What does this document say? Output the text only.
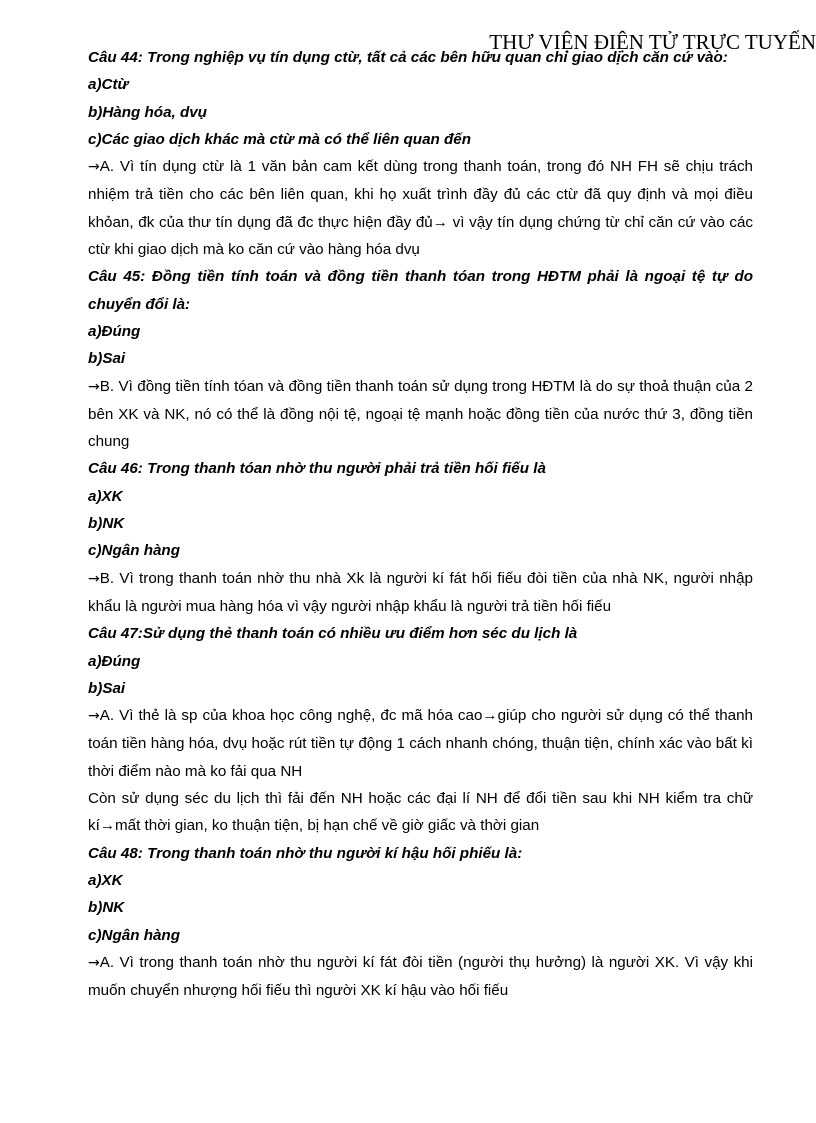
THƯ VIỆN ĐIỆN TỬ TRỰC TUYẾN

Câu 44: Trong nghiệp vụ tín dụng ctừ, tất cả các bên hữu quan chỉ giao dịch căn cứ vào:

a)Ctừ

b)Hàng hóa, dvụ

c)Các giao dịch khác mà ctừ mà có thể liên quan đến

→A. Vì tín dụng ctừ là 1 văn bản cam kết dùng trong thanh toán, trong đó NH FH sẽ chịu trách nhiệm trả tiền cho các bên liên quan, khi họ xuất trình đầy đủ các ctừ đã quy định và mọi điều khỏan, đk của thư tín dụng đã đc thực hiện đầy đủ→ vì vậy tín dụng chứng từ chỉ căn cứ vào các ctừ khi giao dịch mà ko căn cứ vào hàng hóa dvụ

Câu 45: Đồng tiền tính toán và đồng tiền thanh tóan trong HĐTM phải là ngoại tệ tự do chuyển đổi là:

a)Đúng

b)Sai

→B. Vì đồng tiền tính tóan và đồng tiền thanh toán sử dụng trong HĐTM là do sự thoả thuận của 2 bên XK và NK, nó có thể là đồng nội tệ, ngoại tệ mạnh hoặc đồng tiền của nước thứ 3, đồng tiền chung

Câu 46: Trong thanh tóan nhờ thu người phải trả tiền hối fiếu là

a)XK

b)NK

c)Ngân hàng

→B. Vì trong thanh toán nhờ thu nhà Xk là người kí fát hối fiếu đòi tiền của nhà NK, người nhập khẩu là người mua hàng hóa vì vậy người nhập khẩu là người trả tiền hối fiếu

Câu 47:Sử dụng thẻ thanh toán có nhiều ưu điểm hơn séc du lịch là

a)Đúng

b)Sai

→A. Vì thẻ là sp của khoa học công nghệ, đc mã hóa cao→giúp cho người sử dụng có thể thanh toán tiền hàng hóa, dvụ hoặc rút tiền tự động 1 cách nhanh chóng, thuận tiện, chính xác vào bất kì thời điểm nào mà ko fải qua NH

Còn sử dụng séc du lịch thì fải đến NH hoặc các đại lí NH để đổi tiền sau khi NH kiểm tra chữ kí→mất thời gian, ko thuận tiện, bị hạn chế về giờ giấc và thời gian

Câu 48: Trong thanh toán nhờ thu người kí hậu hối phiếu là:

a)XK

b)NK

c)Ngân hàng

→A. Vì trong thanh toán nhờ thu người kí fát đòi tiền (người thụ hưởng) là người XK. Vì vậy khi muốn chuyển nhượng hối fiếu thì người XK kí hậu vào hối fiếu
